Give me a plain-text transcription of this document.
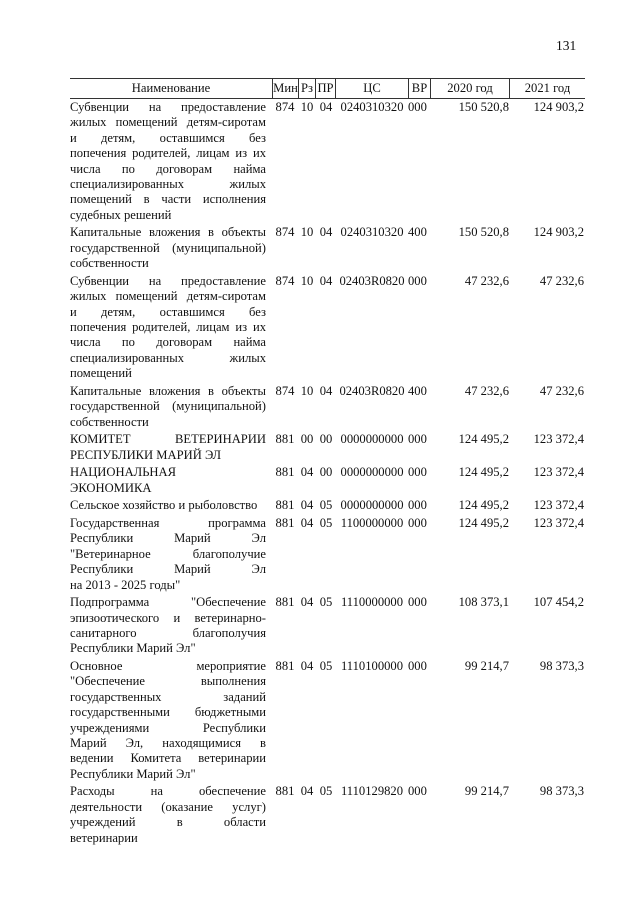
131
Наименование	Мин Рз ПР	ЦС	ВР	2020 год	2021 год
Субвенции на предоставление
жилых помещений детям-сиротам
и детям, оставшимся без
попечения родителей, лицам из их
числа по договорам найма
специализированных жилых
помещений в части исполнения
судебных решений
874 10 04 0240310320 000	150 520,8	124 903,2
Капитальные вложения в объекты
государственной (муниципальной)
собственности
874 10 04 0240310320 400	150 520,8	124 903,2
Субвенции на предоставление
жилых помещений детям-сиротам
и детям, оставшимся без
попечения родителей, лицам из их
числа по договорам найма
специализированных жилых
помещений
874 10 04 02403R0820 000	47 232,6	47 232,6
Капитальные вложения в объекты
государственной (муниципальной)
собственности
874 10 04 02403R0820 400	47 232,6	47 232,6
КОМИТЕТ ВЕТЕРИНАРИИ
РЕСПУБЛИКИ МАРИЙ ЭЛ
881 00 00 0000000000 000	124 495,2	123 372,4
НАЦИОНАЛЬНАЯ
ЭКОНОМИКА
881 04 00 0000000000 000	124 495,2	123 372,4
Сельское хозяйство и рыболовство	881 04 05 0000000000 000	124 495,2	123 372,4
Государственная программа
Республики Марий Эл
"Ветеринарное благополучие
Республики Марий Эл
на 2013 - 2025 годы"
881 04 05 1100000000 000	124 495,2	123 372,4
Подпрограмма "Обеспечение
эпизоотического и ветеринарно-
санитарного благополучия
Республики Марий Эл"
881 04 05 1110000000 000	108 373,1	107 454,2
Основное мероприятие
"Обеспечение выполнения
государственных заданий
государственными бюджетными
учреждениями Республики
Марий Эл, находящимися в
ведении Комитета ветеринарии
Республики Марий Эл"
881 04 05 1110100000 000	99 214,7	98 373,3
Расходы на обеспечение
деятельности (оказание услуг)
учреждений в области
ветеринарии
881 04 05 1110129820 000	99 214,7	98 373,3
